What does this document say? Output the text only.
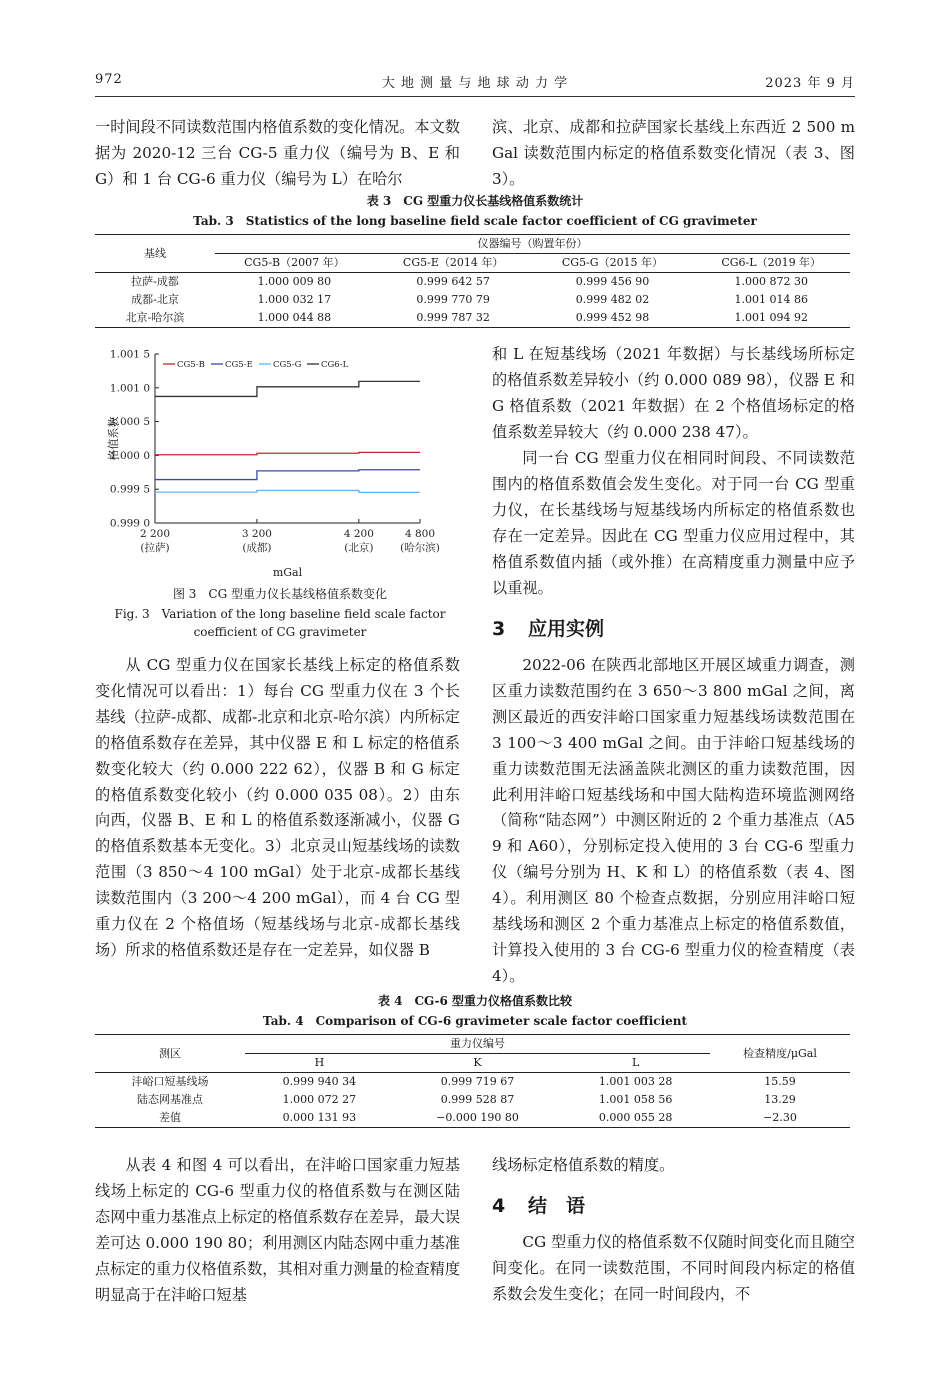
972	大 地 测 量 与 地 球 动 力 学	2023 年 9 月

一时间段不同读数范围内格值系数的变化情况。本文数据为 2020-12 三台 CG-5 重力仪（编号为 B、E 和 G）和 1 台 CG-6 重力仪（编号为 L）在哈尔

滨、北京、成都和拉萨国家长基线上东西近 2 500 mGal 读数范围内标定的格值系数变化情况（表 3、图 3）。

表 3　CG 型重力仪长基线格值系数统计
Tab. 3　Statistics of the long baseline field scale factor coefficient of CG gravimeter
基线	仪器编号（购置年份）			
	CG5-B（2007 年）	CG5-E（2014 年）	CG5-G（2015 年）	CG6-L（2019 年）
拉萨-成都	1.000 009 80	0.999 642 57	0.999 456 90	1.000 872 30
成都-北京	1.000 032 17	0.999 770 79	0.999 482 02	1.001 014 86
北京-哈尔滨	1.000 044 88	0.999 787 32	0.999 452 98	1.001 094 92
0.999 0
0.999 5
1.000 0
1.000 5
1.001 0
1.001 5
2 200
(拉萨)
3 200
(成都)
4 200
(北京)
4 800
(哈尔滨)
格值系数
mGal
CG5-B CG5-E CG5-G CG6-L
图 3　CG 型重力仪长基线格值系数变化
Fig. 3　Variation of the long baseline field scale factor
coefficient of CG gravimeter

和 L 在短基线场（2021 年数据）与长基线场所标定的格值系数差异较小（约 0.000 089 98），仪器 E 和 G 格值系数（2021 年数据）在 2 个格值场标定的格值系数差异较大（约 0.000 238 47）。

同一台 CG 型重力仪在相同时间段、不同读数范围内的格值系数值会发生变化。对于同一台 CG 型重力仪，在长基线场与短基线场内所标定的格值系数也存在一定差异。因此在 CG 型重力仪应用过程中，其格值系数值内插（或外推）在高精度重力测量中应予以重视。

3 应用实例

2022-06 在陕西北部地区开展区域重力调查，测区重力读数范围约在 3 650～3 800 mGal 之间，离测区最近的西安沣峪口国家重力短基线场读数范围在 3 100～3 400 mGal 之间。由于沣峪口短基线场的重力读数范围无法涵盖陕北测区的重力读数范围，因此利用沣峪口短基线场和中国大陆构造环境监测网络（简称“陆态网”）中测区附近的 2 个重力基准点（A59 和 A60），分别标定投入使用的 3 台 CG-6 型重力仪（编号分别为 H、K 和 L）的格值系数（表 4、图 4）。利用测区 80 个检查点数据，分别应用沣峪口短基线场和测区 2 个重力基准点上标定的格值系数值，计算投入使用的 3 台 CG-6 型重力仪的检查精度（表 4）。

从 CG 型重力仪在国家长基线上标定的格值系数变化情况可以看出：1）每台 CG 型重力仪在 3 个长基线（拉萨-成都、成都-北京和北京-哈尔滨）内所标定的格值系数存在差异，其中仪器 E 和 L 标定的格值系数变化较大（约 0.000 222 62），仪器 B 和 G 标定的格值系数变化较小（约 0.000 035 08）。2）由东向西，仪器 B、E 和 L 的格值系数逐渐减小，仪器 G 的格值系数基本无变化。3）北京灵山短基线场的读数范围（3 850～4 100 mGal）处于北京-成都长基线读数范围内（3 200～4 200 mGal），而 4 台 CG 型重力仪在 2 个格值场（短基线场与北京-成都长基线场）所求的格值系数还是存在一定差异，如仪器 B

表 4　CG-6 型重力仪格值系数比较
Tab. 4　Comparison of CG-6 gravimeter scale factor coefficient
测区	重力仪编号			检查精度/μGal
	H	K	L	
沣峪口短基线场	0.999 940 34	0.999 719 67	1.001 003 28	15.59
陆态网基准点	1.000 072 27	0.999 528 87	1.001 058 56	13.29
差值	0.000 131 93	−0.000 190 80	0.000 055 28	−2.30

从表 4 和图 4 可以看出，在沣峪口国家重力短基线场上标定的 CG-6 型重力仪的格值系数与在测区陆态网中重力基准点上标定的格值系数存在差异，最大误差可达 0.000 190 80；利用测区内陆态网中重力基准点标定的重力仪格值系数，其相对重力测量的检查精度明显高于在沣峪口短基

线场标定格值系数的精度。

4 结　语

CG 型重力仪的格值系数不仅随时间变化而且随空间变化。在同一读数范围，不同时间段内标定的格值系数会发生变化；在同一时间段内，不
